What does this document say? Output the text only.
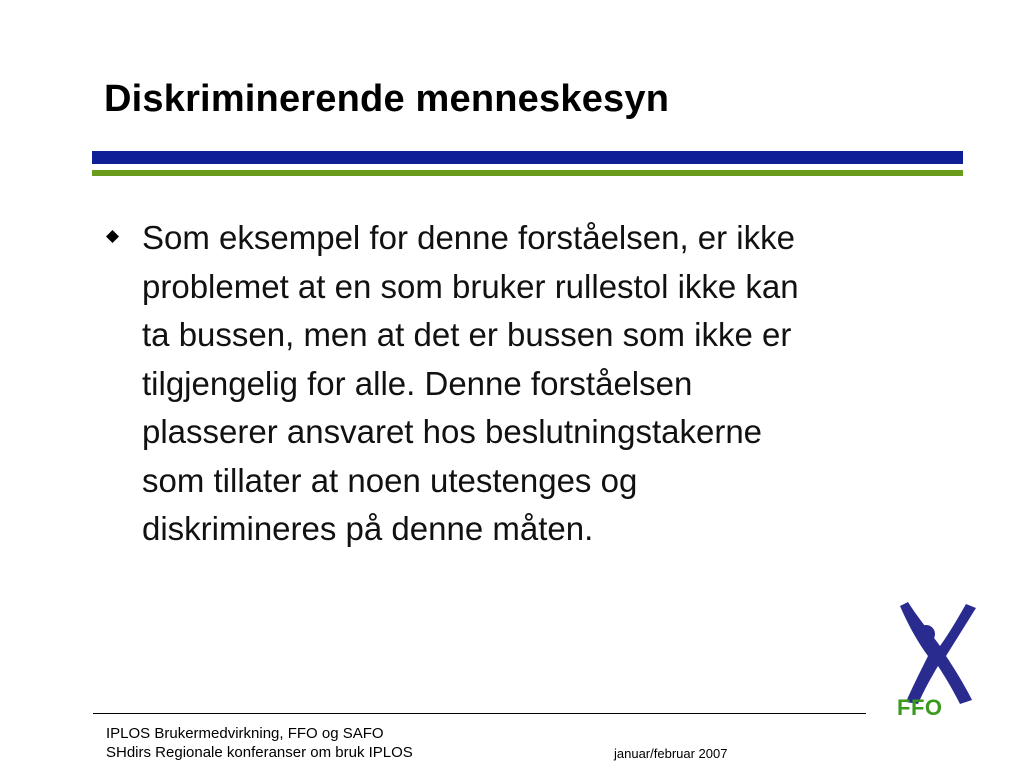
Diskriminerende menneskesyn
Som eksempel for denne forståelsen, er ikke
problemet at en som bruker rullestol ikke kan
ta bussen, men at det er bussen som ikke er
tilgjengelig for alle. Denne forståelsen
plasserer ansvaret hos beslutningstakerne
som tillater at noen utestenges og
diskrimineres på denne måten.
FFO
IPLOS Brukermedvirkning, FFO og SAFO
SHdirs Regionale konferanser om bruk IPLOS	januar/februar 2007
